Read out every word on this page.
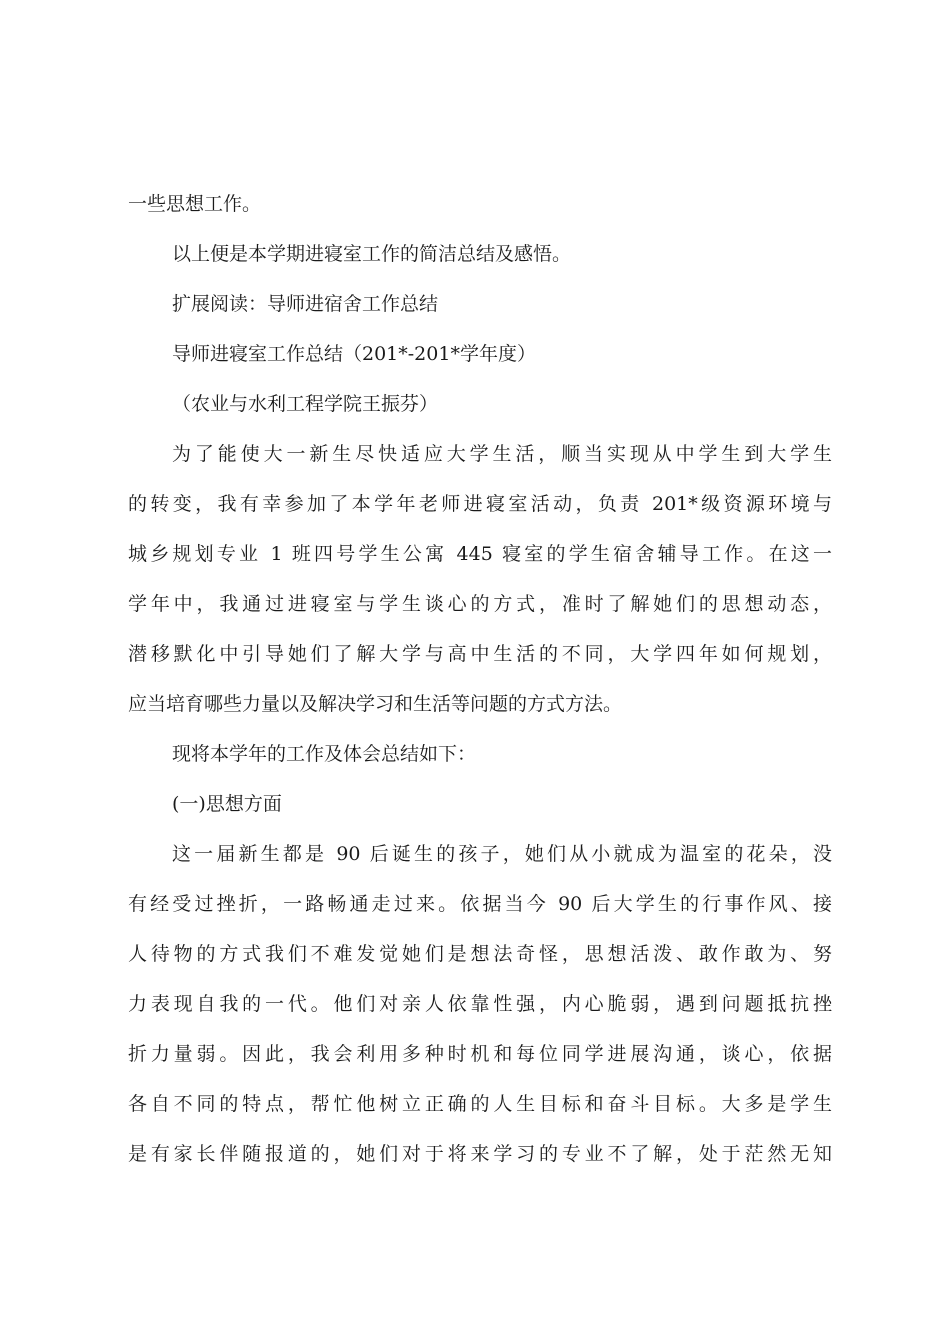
一些思想工作。
以上便是本学期进寝室工作的简洁总结及感悟。
扩展阅读：导师进宿舍工作总结
导师进寝室工作总结（201*-201*学年度）
（农业与水利工程学院王振芬）
为了能使大一新生尽快适应大学生活，顺当实现从中学生到大学生
的转变，我有幸参加了本学年老师进寝室活动，负责 201*级资源环境与
城乡规划专业 1 班四号学生公寓 445 寝室的学生宿舍辅导工作。在这一
学年中，我通过进寝室与学生谈心的方式，准时了解她们的思想动态，
潜移默化中引导她们了解大学与高中生活的不同，大学四年如何规划，
应当培育哪些力量以及解决学习和生活等问题的方式方法。
现将本学年的工作及体会总结如下：
(一)思想方面
这一届新生都是 90 后诞生的孩子，她们从小就成为温室的花朵，没
有经受过挫折，一路畅通走过来。依据当今 90 后大学生的行事作风、接
人待物的方式我们不难发觉她们是想法奇怪，思想活泼、敢作敢为、努
力表现自我的一代。他们对亲人依靠性强，内心脆弱，遇到问题抵抗挫
折力量弱。因此，我会利用多种时机和每位同学进展沟通，谈心，依据
各自不同的特点，帮忙他树立正确的人生目标和奋斗目标。大多是学生
是有家长伴随报道的，她们对于将来学习的专业不了解，处于茫然无知
